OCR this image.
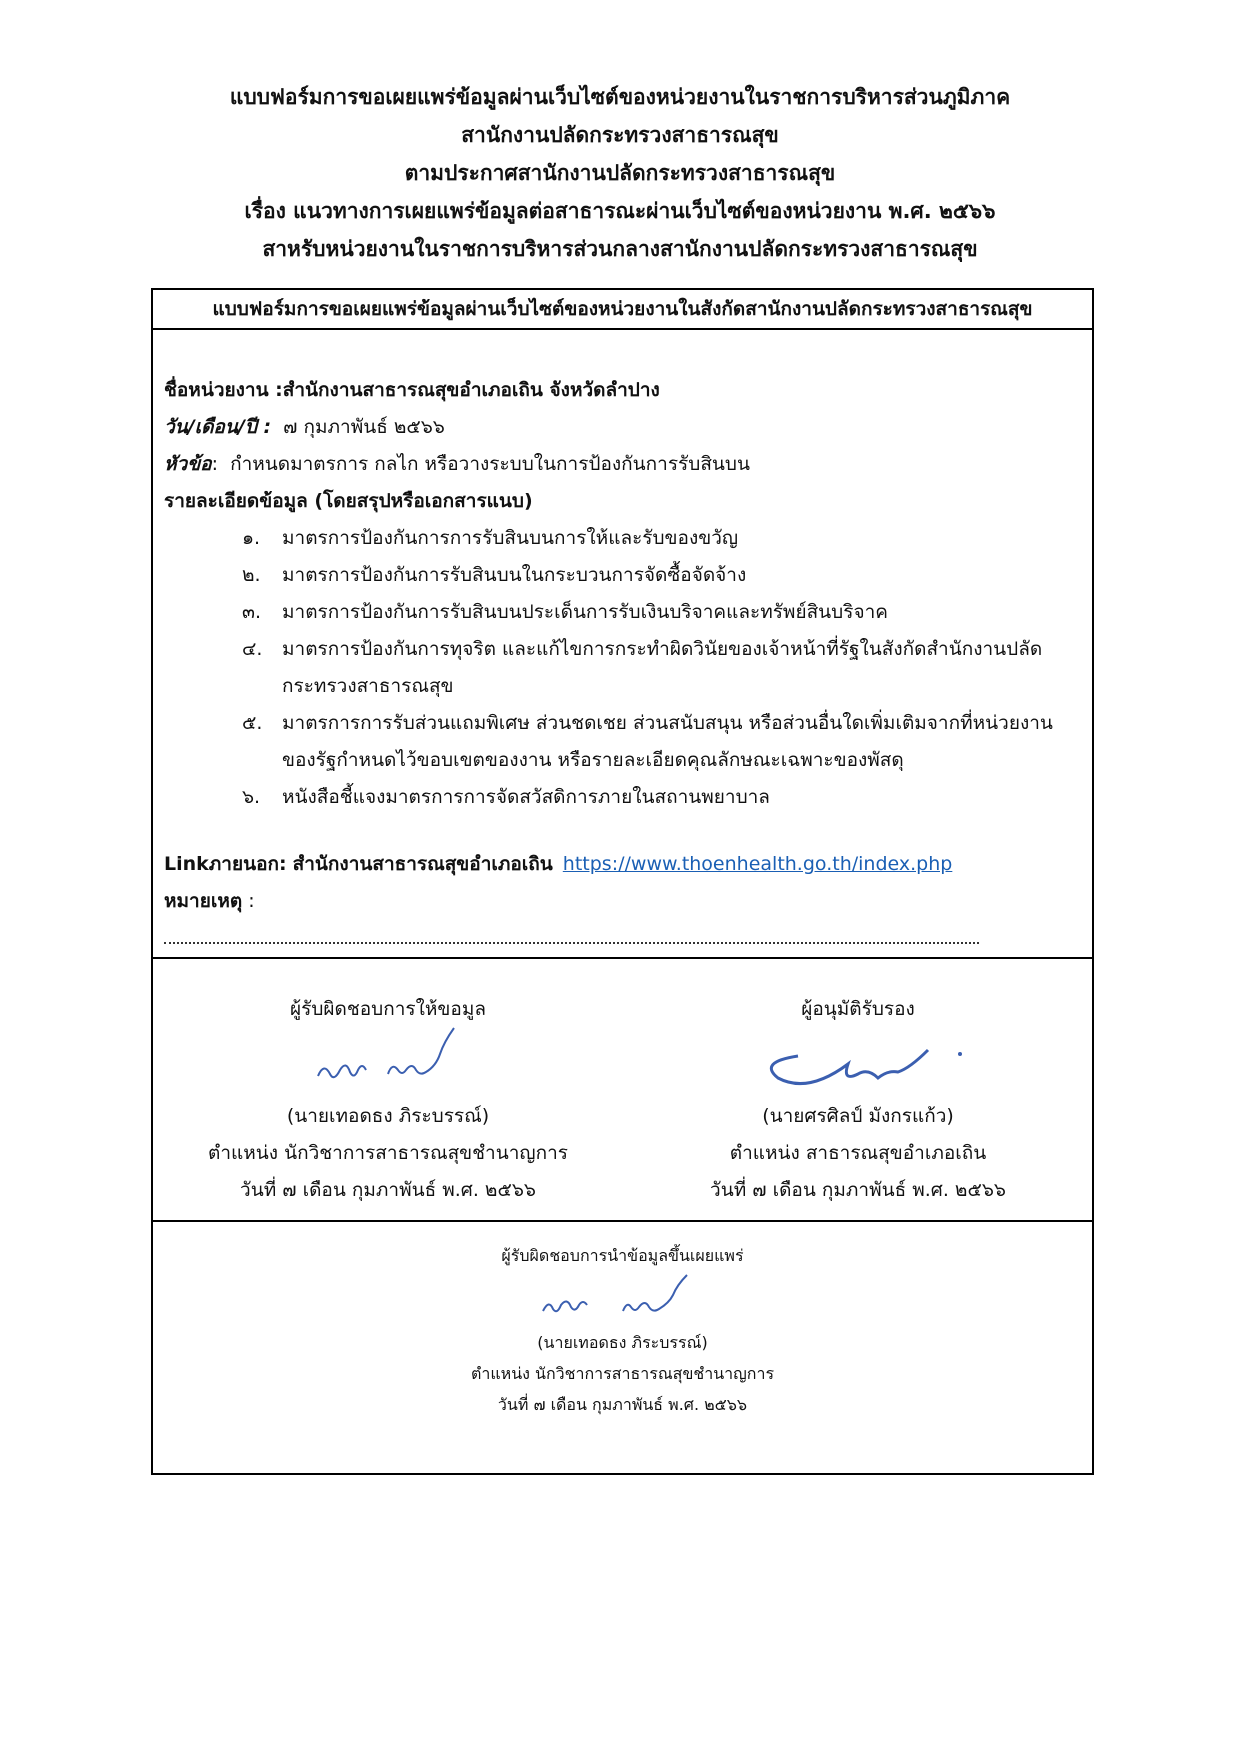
แบบฟอร์มการขอเผยแพร่ข้อมูลผ่านเว็บไซต์ของหน่วยงานในราชการบริหารส่วนภูมิภาค
สานักงานปลัดกระทรวงสาธารณสุข
ตามประกาศสานักงานปลัดกระทรวงสาธารณสุข
เรื่อง แนวทางการเผยแพร่ข้อมูลต่อสาธารณะผ่านเว็บไซต์ของหน่วยงาน พ.ศ. ๒๕๖๖
สาหรับหน่วยงานในราชการบริหารส่วนกลางสานักงานปลัดกระทรวงสาธารณสุข
แบบฟอร์มการขอเผยแพร่ข้อมูลผ่านเว็บไซต์ของหน่วยงานในสังกัดสานักงานปลัดกระทรวงสาธารณสุข
ชื่อหน่วยงาน :สำนักงานสาธารณสุขอำเภอเถิน จังหวัดลำปาง
วัน/เดือน/ปี : ๗ กุมภาพันธ์ ๒๕๖๖
หัวข้อ:  กำหนดมาตรการ กลไก หรือวางระบบในการป้องกันการรับสินบน
รายละเอียดข้อมูล (โดยสรุปหรือเอกสารแนบ)
๑.	มาตรการป้องกันการการรับสินบนการให้และรับของขวัญ
๒.	มาตรการป้องกันการรับสินบนในกระบวนการจัดซื้อจัดจ้าง
๓.	มาตรการป้องกันการรับสินบนประเด็นการรับเงินบริจาคและทรัพย์สินบริจาค
๔.	มาตรการป้องกันการทุจริต และแก้ไขการกระทำผิดวินัยของเจ้าหน้าที่รัฐในสังกัดสำนักงานปลัดกระทรวงสาธารณสุข
๕.	มาตรการการรับส่วนแถมพิเศษ ส่วนชดเชย ส่วนสนับสนุน หรือส่วนอื่นใดเพิ่มเติมจากที่หน่วยงานของรัฐกำหนดไว้ขอบเขตของงาน หรือรายละเอียดคุณลักษณะเฉพาะของพัสดุ
๖.	หนังสือชี้แจงมาตรการการจัดสวัสดิการภายในสถานพยาบาล
Linkภายนอก: สำนักงานสาธารณสุขอำเภอเถิน https://www.thoenhealth.go.th/index.php
หมายเหตุ :
ผู้รับผิดชอบการให้ขอมูล
(นายเทอดธง ภิระบรรณ์)
ตำแหน่ง นักวิชาการสาธารณสุขชำนาญการ
วันที่ ๗ เดือน กุมภาพันธ์ พ.ศ. ๒๕๖๖
ผู้อนุมัติรับรอง
(นายศรศิลป์ มังกรแก้ว)
ตำแหน่ง สาธารณสุขอำเภอเถิน
วันที่ ๗ เดือน กุมภาพันธ์ พ.ศ. ๒๕๖๖
ผู้รับผิดชอบการนำข้อมูลขึ้นเผยแพร่
(นายเทอดธง ภิระบรรณ์)
ตำแหน่ง นักวิชาการสาธารณสุขชำนาญการ
วันที่ ๗ เดือน กุมภาพันธ์ พ.ศ. ๒๕๖๖
